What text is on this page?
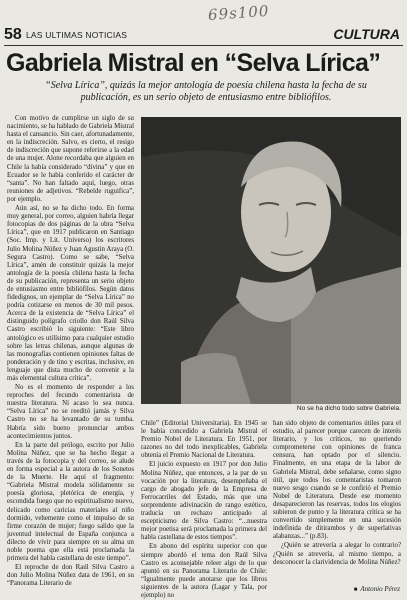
69s100
58 LAS ULTIMAS NOTICIAS	CULTURA
Gabriela Mistral en “Selva Lírica”
“Selva Lírica”, quizás la mejor antología de poesía chilena hasta la fecha de su publicación, es un serio objeto de entusiasmo entre bibliófilos.

Con motivo de cumplirse un siglo de su nacimiento, se ha hablado de Gabriela Mistral hasta el cansancio. Sin caer, afortunadamente, en la indiscreción. Salvo, es cierto, el resigo de indiscreción que supone referirse a la edad de una mujer. Alone recordaba que alguien en Chile la había considerado “divina” y que en Ecuador se le había conferido el carácter de “santa”. No han faltado aquí, luego, otras reuniones de adjetivos. “Rebelde ruguifica”, por ejemplo.

Aún así, no se ha dicho todo. En forma muy general, por correo, alguien habría llegar fotocopias de dos páginas de la obra “Selva Lírica”, que en 1917 publicaron en Santiago (Soc. Imp. y Lit. Universo) los escritores Julio Molina Núñez y Juan Agustín Araya (O. Segura Castro). Como se sabe, “Selva Lírica”, amén de constituir quizás la mejor antología de la poesía chilena hasta la fecha de su publicación, representa un serio objeto de entusiasmo entre bibliófilos. Según datos fidedignos, un ejemplar de “Selva Lírica” no podría cotizarse en menos de 30 mil pesos. Acerca de la existencia de “Selva Lírica” el distinguido polígrafo criollo don Raúl Silva Castro escribió lo siguiente: “Este libro antológico es utilísimo para cualquier estudio sobre las letras chilenas, aunque algunas de las monografías contienen opiniones faltas de ponderación y de tino y escritas, inclusive, en lenguaje que dista mucho de convenir a la más elemental cultura crítica”.

No es el momento de responder a los reproches del fecundo comentarista de nuestra literatura. Ni acaso lo sea nunca. “Selva Lírica” no se reeditó jamás y Silva Castro no se ha levantado de su tumba. Habría sido bueno pronunciar ambos acontecimientos juntos.

En la parte del prólogo, escrito por Julio Molina Núñez, que se ha hecho llegar a través de la fotocopia y del correo, se alude en forma especial a la autora de los Sonetos de la Muerte. He aquí el fragmento: “Gabriela Mistral modela sólidamente su poesía gloriosa, pletórica de energía, y escondida fuego que no espiritualismo nuevo, delicado como caricias materiales al niño dormido, vehemente como el impulso de su firme corazón de mujer; fuego salido que la juventud intelectual de España conjunca a dilecto de vivir para siempre en su alma un noble poema que ella está proclamada la primera del habla castellana de este tiempo”.

El reproche de don Raúl Silva Castro a don Julio Molina Núñez data de 1961, en su “Panorama Literario de

No se ha dicho todo sobre Gabriela.

Chile” (Editorial Universitaria). En 1945 se le había concedido a Gabriela Mistral el Premio Nobel de Literatura. En 1951, por razones no del todo inexplicables, Gabriela obtenía el Premio Nacional de Literatura.

El juicio expuesto en 1917 por don Julio Molina Núñez, que entonces, a la par de su vocación por la literatura, desempeñaba el cargo de abogado jefe de la Empresa de Ferrocarriles del Estado, más que una sorprendente adivinación de rango estético, traducía un rechazo anticipado al escepticismo de Silva Castro: “...nuestra mejor poetisa será proclamada la primera del habla castellana de estos tiempos”.

En abono del espíritu superior con que siempre abordó el tema don Raúl Silva Castro es aconsejable releer algo de lo que apuntó en su Panorama Literario de Chile: “Igualmente puede anotarse que los libros siguientes de la autora (Lagar y Tala, por ejemplo) no

han sido objeto de comentarios útiles para el estudio, al parecer porque carecen de interés literario, y los críticos, no queriendo comprometerse con opiniones de franca censura, han optado por el silencio. Finalmente, en una etapa de la labor de Gabriela Mistral, debe señalarse, como signo útil, que todos los comentaristas tomaron nuevo sesgo cuando se le confirió el Premio Nobel de Literatura. Desde ese momento desaparecieron las reservas, todos los elogios subieron de punto y la literatura crítica se ha convertido simplemente en una sucesión indefinida de ditirambos y de superlativas alabanzas...” (p.83).

¿Quién se atrevería a alegar lo contrario? ¿Quién se atrevería, al mismo tiempo, a desconocer la clarividencia de Molina Núñez?

■ Antonio Pérez
